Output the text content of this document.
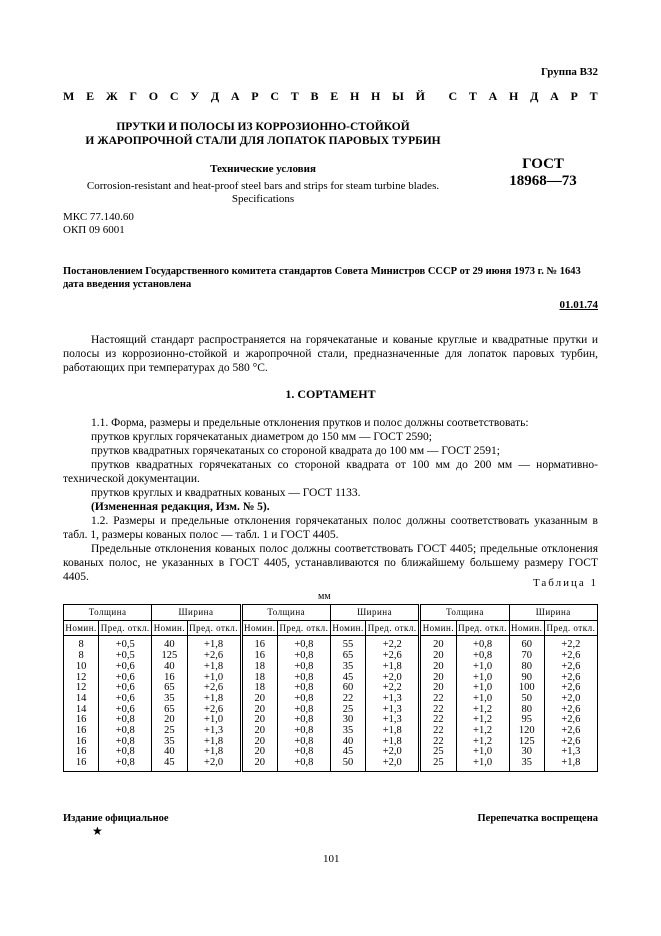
Группа В32
М Е Ж Г О С У Д А Р С Т В Е Н Н Ы Й С Т А Н Д А Р Т
ПРУТКИ И ПОЛОСЫ ИЗ КОРРОЗИОННО-СТОЙКОЙ
И ЖАРОПРОЧНОЙ СТАЛИ ДЛЯ ЛОПАТОК ПАРОВЫХ ТУРБИН
Технические условия
Corrosion-resistant and heat-proof steel bars and strips for steam turbine blades.
Specifications
ГОСТ
18968—73
МКС 77.140.60
ОКП 09 6001
Постановлением Государственного комитета стандартов Совета Министров СССР от 29 июня 1973 г. № 1643 дата введения установлена
01.01.74
Настоящий стандарт распространяется на горячекатаные и кованые круглые и квадратные прутки и полосы из коррозионно-стойкой и жаропрочной стали, предназначенные для лопаток паровых турбин, работающих при температурах до 580 °С.
1. СОРТАМЕНТ

1.1. Форма, размеры и предельные отклонения прутков и полос должны соответствовать:

прутков круглых горячекатаных диаметром до 150 мм — ГОСТ 2590;

прутков квадратных горячекатаных со стороной квадрата до 100 мм — ГОСТ 2591;

прутков квадратных горячекатаных со стороной квадрата от 100 мм до 200 мм — нормативно-технической документации.

прутков круглых и квадратных кованых — ГОСТ 1133.

(Измененная редакция, Изм. № 5).

1.2. Размеры и предельные отклонения горячекатаных полос должны соответствовать указанным в табл. 1, размеры кованых полос — табл. 1 и ГОСТ 4405.

Предельные отклонения кованых полос должны соответствовать ГОСТ 4405; предельные отклонения кованых полос, не указанных в ГОСТ 4405, устанавливаются по ближайшему большему размеру ГОСТ 4405.	Таблица 1
мм
Толщина		Ширина		Толщина		Ширина		Толщина		Ширина	
Номин.	Пред. откл.	Номин.	Пред. откл.	Номин.	Пред. откл.	Номин.	Пред. откл.	Номин.	Пред. откл.	Номин.	Пред. откл.
8	+0,5	40	+1,8	16	+0,8	55	+2,2	20	+0,8	60	+2,2
8	+0,5	125	+2,6	16	+0,8	65	+2,6	20	+0,8	70	+2,6
10	+0,6	40	+1,8	18	+0,8	35	+1,8	20	+1,0	80	+2,6
12	+0,6	16	+1,0	18	+0,8	45	+2,0	20	+1,0	90	+2,6
12	+0,6	65	+2,6	18	+0,8	60	+2,2	20	+1,0	100	+2,6
14	+0,6	35	+1,8	20	+0,8	22	+1,3	22	+1,0	50	+2,0
14	+0,6	65	+2,6	20	+0,8	25	+1,3	22	+1,2	80	+2,6
16	+0,8	20	+1,0	20	+0,8	30	+1,3	22	+1,2	95	+2,6
16	+0,8	25	+1,3	20	+0,8	35	+1,8	22	+1,2	120	+2,6
16	+0,8	35	+1,8	20	+0,8	40	+1,8	22	+1,2	125	+2,6
16	+0,8	40	+1,8	20	+0,8	45	+2,0	25	+1,0	30	+1,3
16	+0,8	45	+2,0	20	+0,8	50	+2,0	25	+1,0	35	+1,8
Издание официальное	Перепечатка воспрещена
★
101
